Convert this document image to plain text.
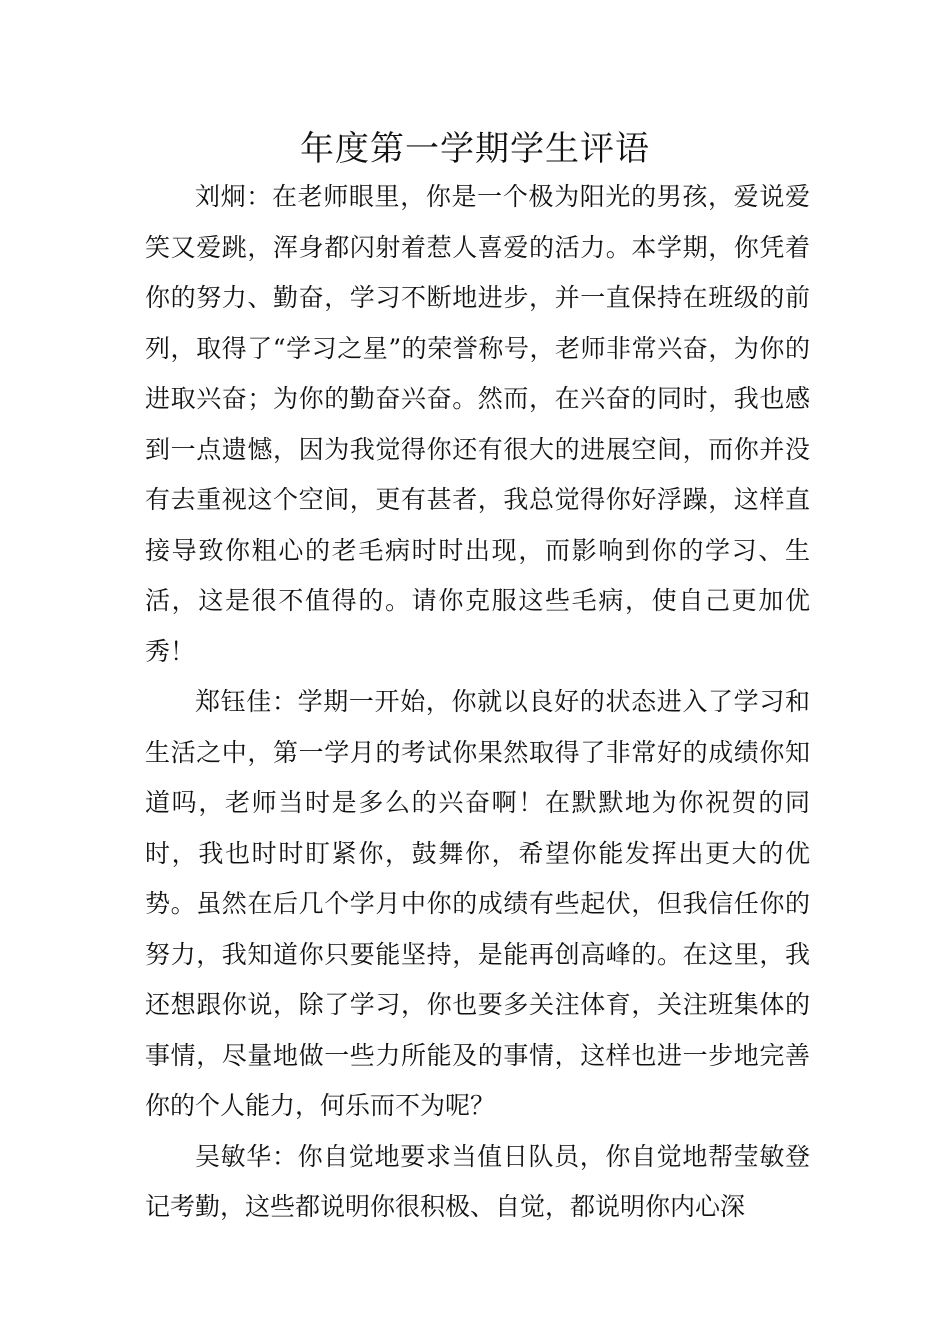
年度第一学期学生评语

刘炯：在老师眼里，你是一个极为阳光的男孩，爱说爱笑又爱跳，浑身都闪射着惹人喜爱的活力。本学期，你凭着你的努力、勤奋，学习不断地进步，并一直保持在班级的前列，取得了“学习之星”的荣誉称号，老师非常兴奋，为你的进取兴奋；为你的勤奋兴奋。然而，在兴奋的同时，我也感到一点遗憾，因为我觉得你还有很大的进展空间，而你并没有去重视这个空间，更有甚者，我总觉得你好浮躁，这样直接导致你粗心的老毛病时时出现，而影响到你的学习、生活，这是很不值得的。请你克服这些毛病，使自己更加优秀！

郑钰佳：学期一开始，你就以良好的状态进入了学习和生活之中，第一学月的考试你果然取得了非常好的成绩你知道吗，老师当时是多么的兴奋啊！在默默地为你祝贺的同时，我也时时盯紧你，鼓舞你，希望你能发挥出更大的优势。虽然在后几个学月中你的成绩有些起伏，但我信任你的努力，我知道你只要能坚持，是能再创高峰的。在这里，我还想跟你说，除了学习，你也要多关注体育，关注班集体的事情，尽量地做一些力所能及的事情，这样也进一步地完善你的个人能力，何乐而不为呢？

吴敏华：你自觉地要求当值日队员，你自觉地帮莹敏登记考勤，这些都说明你很积极、自觉，都说明你内心深
